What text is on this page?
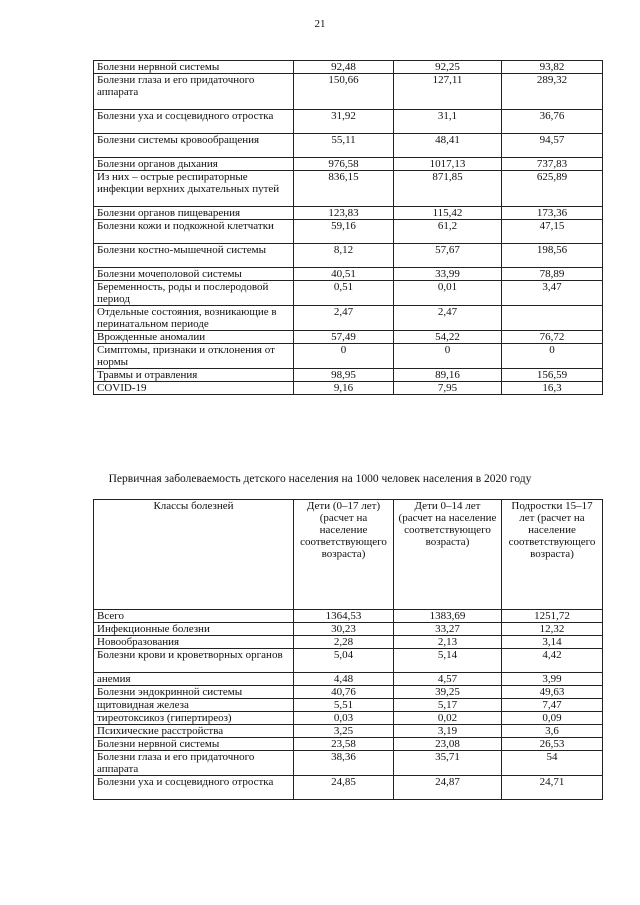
21
Болезни нервной системы	92,48	92,25	93,82
Болезни глаза и его придаточного аппарата	150,66	127,11	289,32
Болезни уха и сосцевидного отростка	31,92	31,1	36,76
Болезни системы кровообращения	55,11	48,41	94,57
Болезни органов дыхания	976,58	1017,13	737,83
Из них – острые респираторные инфекции верхних дыхательных путей	836,15	871,85	625,89
Болезни органов пищеварения	123,83	115,42	173,36
Болезни кожи и подкожной клетчатки	59,16	61,2	47,15
Болезни костно-мышечной системы	8,12	57,67	198,56
Болезни мочеполовой системы	40,51	33,99	78,89
Беременность, роды и послеродовой период	0,51	0,01	3,47
Отдельные состояния, возникающие в перинатальном периоде	2,47	2,47	
Врожденные аномалии	57,49	54,22	76,72
Симптомы, признаки и отклонения от нормы	0	0	0
Травмы и отравления	98,95	89,16	156,59
COVID-19	9,16	7,95	16,3
Первичная заболеваемость детского населения на 1000 человек населения в 2020 году
Классы болезней	Дети (0–17 лет) (расчет на население соответствующего возраста)	Дети 0–14 лет (расчет на население соответствующего возраста)	Подростки 15–17 лет (расчет на население соответствующего возраста)
Всего	1364,53	1383,69	1251,72
Инфекционные болезни	30,23	33,27	12,32
Новообразования	2,28	2,13	3,14
Болезни крови и кроветворных органов	5,04	5,14	4,42
анемия	4,48	4,57	3,99
Болезни эндокринной системы	40,76	39,25	49,63
щитовидная железа	5,51	5,17	7,47
тиреотоксикоз (гипертиреоз)	0,03	0,02	0,09
Психические расстройства	3,25	3,19	3,6
Болезни нервной системы	23,58	23,08	26,53
Болезни глаза и его придаточного аппарата	38,36	35,71	54
Болезни уха и сосцевидного отростка	24,85	24,87	24,71
